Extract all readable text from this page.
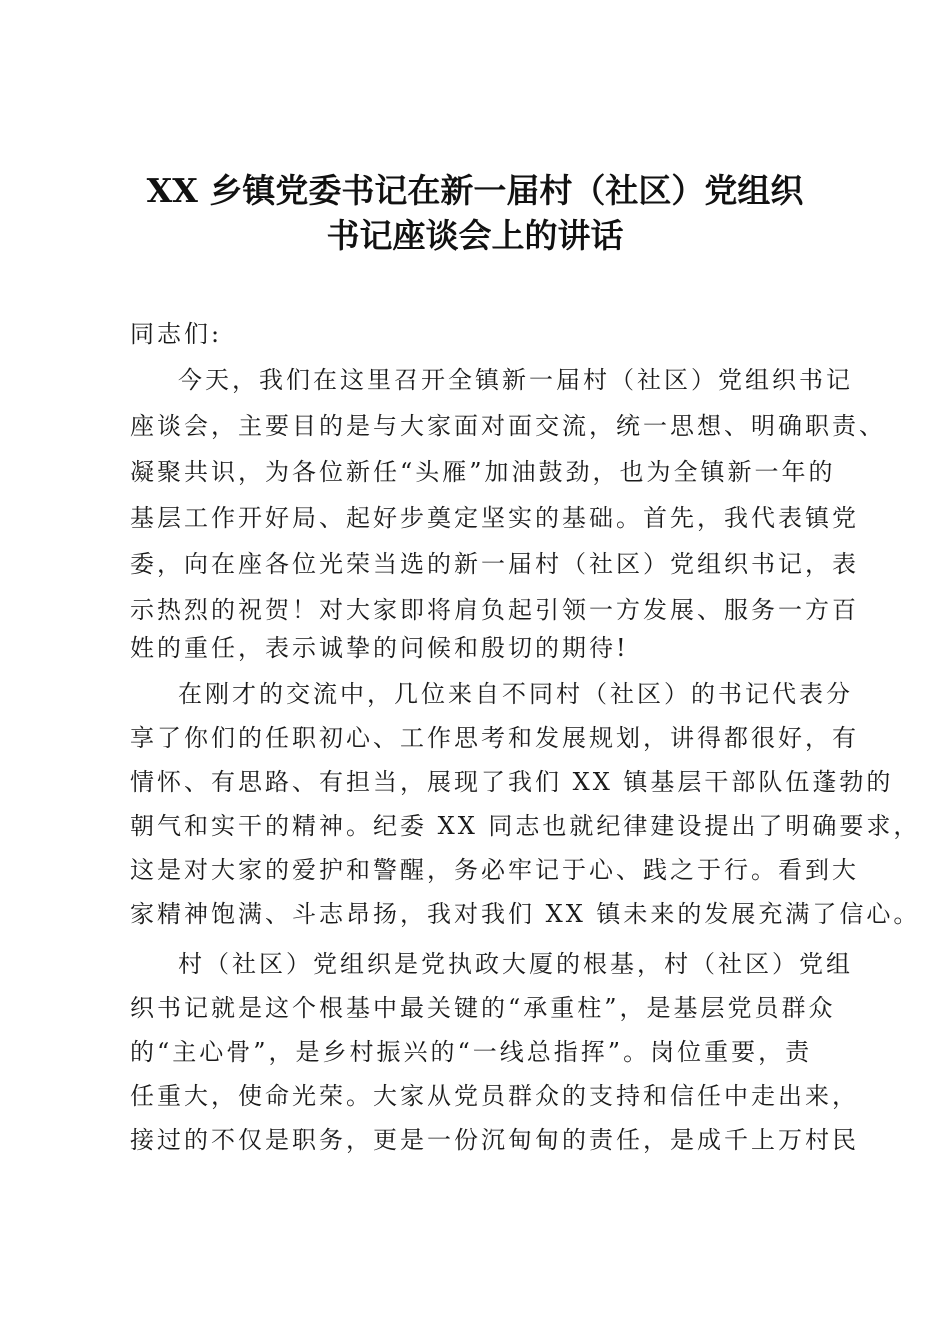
XX 乡镇党委书记在新一届村（社区）党组织
书记座谈会上的讲话
同志们:
今天，我们在这里召开全镇新一届村（社区）党组织书记
座谈会，主要目的是与大家面对面交流，统一思想、明确职责、
凝聚共识，为各位新任“头雁”加油鼓劲，也为全镇新一年的
基层工作开好局、起好步奠定坚实的基础。首先，我代表镇党
委，向在座各位光荣当选的新一届村（社区）党组织书记，表
示热烈的祝贺！对大家即将肩负起引领一方发展、服务一方百
姓的重任，表示诚挚的问候和殷切的期待!
在刚才的交流中，几位来自不同村（社区）的书记代表分
享了你们的任职初心、工作思考和发展规划，讲得都很好，有
情怀、有思路、有担当，展现了我们 XX 镇基层干部队伍蓬勃的
朝气和实干的精神。纪委 XX 同志也就纪律建设提出了明确要求，
这是对大家的爱护和警醒，务必牢记于心、践之于行。看到大
家精神饱满、斗志昂扬，我对我们 XX 镇未来的发展充满了信心。
村（社区）党组织是党执政大厦的根基，村（社区）党组
织书记就是这个根基中最关键的“承重柱”，是基层党员群众
的“主心骨”，是乡村振兴的“一线总指挥”。岗位重要，责
任重大，使命光荣。大家从党员群众的支持和信任中走出来，
接过的不仅是职务，更是一份沉甸甸的责任，是成千上万村民
